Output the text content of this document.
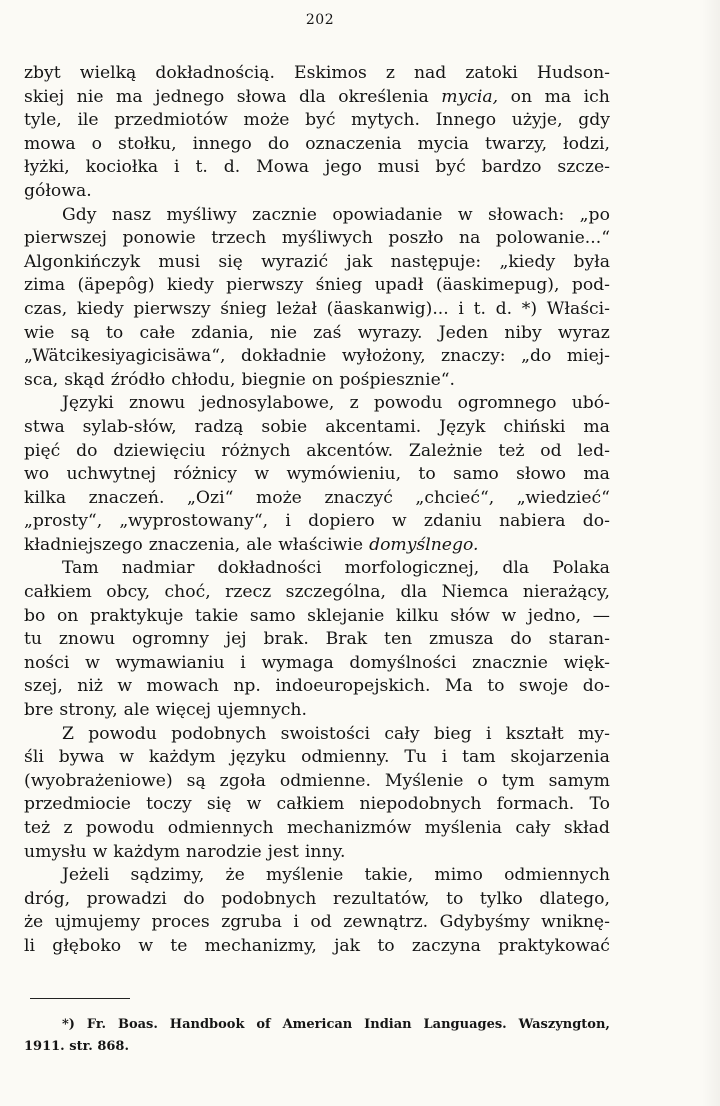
202
zbyt wielką dokładnością. Eskimos z nad zatoki Hudson-
skiej nie ma jednego słowa dla określenia mycia, on ma ich
tyle, ile przedmiotów może być mytych. Innego użyje, gdy
mowa o stołku, innego do oznaczenia mycia twarzy, łodzi,
łyżki, kociołka i t. d. Mowa jego musi być bardzo szcze-
gółowa.
Gdy nasz myśliwy zacznie opowiadanie w słowach: „po
pierwszej ponowie trzech myśliwych poszło na polowanie...“
Algonkińczyk musi się wyrazić jak następuje: „kiedy była
zima (äpepôg) kiedy pierwszy śnieg upadł (äaskimepug), pod-
czas, kiedy pierwszy śnieg leżał (äaskanwig)... i t. d. *) Właści-
wie są to całe zdania, nie zaś wyrazy. Jeden niby wyraz
„Wätcikesiyagicisäwa“, dokładnie wyłożony, znaczy: „do miej-
sca, skąd źródło chłodu, biegnie on pośpiesznie“.
Języki znowu jednosylabowe, z powodu ogromnego ubó-
stwa sylab-słów, radzą sobie akcentami. Język chiński ma
pięć do dziewięciu różnych akcentów. Zależnie też od led-
wo uchwytnej różnicy w wymówieniu, to samo słowo ma
kilka znaczeń. „Ozi“ może znaczyć „chcieć“, „wiedzieć“
„prosty“, „wyprostowany“, i dopiero w zdaniu nabiera do-
kładniejszego znaczenia, ale właściwie domyślnego.
Tam nadmiar dokładności morfologicznej, dla Polaka
całkiem obcy, choć, rzecz szczególna, dla Niemca nierażący,
bo on praktykuje takie samo sklejanie kilku słów w jedno, —
tu znowu ogromny jej brak. Brak ten zmusza do staran-
ności w wymawianiu i wymaga domyślności znacznie więk-
szej, niż w mowach np. indoeuropejskich. Ma to swoje do-
bre strony, ale więcej ujemnych.
Z powodu podobnych swoistości cały bieg i kształt my-
śli bywa w każdym języku odmienny. Tu i tam skojarzenia
(wyobrażeniowe) są zgoła odmienne. Myślenie o tym samym
przedmiocie toczy się w całkiem niepodobnych formach. To
też z powodu odmiennych mechanizmów myślenia cały skład
umysłu w każdym narodzie jest inny.
Jeżeli sądzimy, że myślenie takie, mimo odmiennych
dróg, prowadzi do podobnych rezultatów, to tylko dlatego,
że ujmujemy proces zgruba i od zewnątrz. Gdybyśmy wniknę-
li głęboko w te mechanizmy, jak to zaczyna praktykować
*) Fr. Boas. Handbook of American Indian Languages. Waszyngton,
1911. str. 868.
